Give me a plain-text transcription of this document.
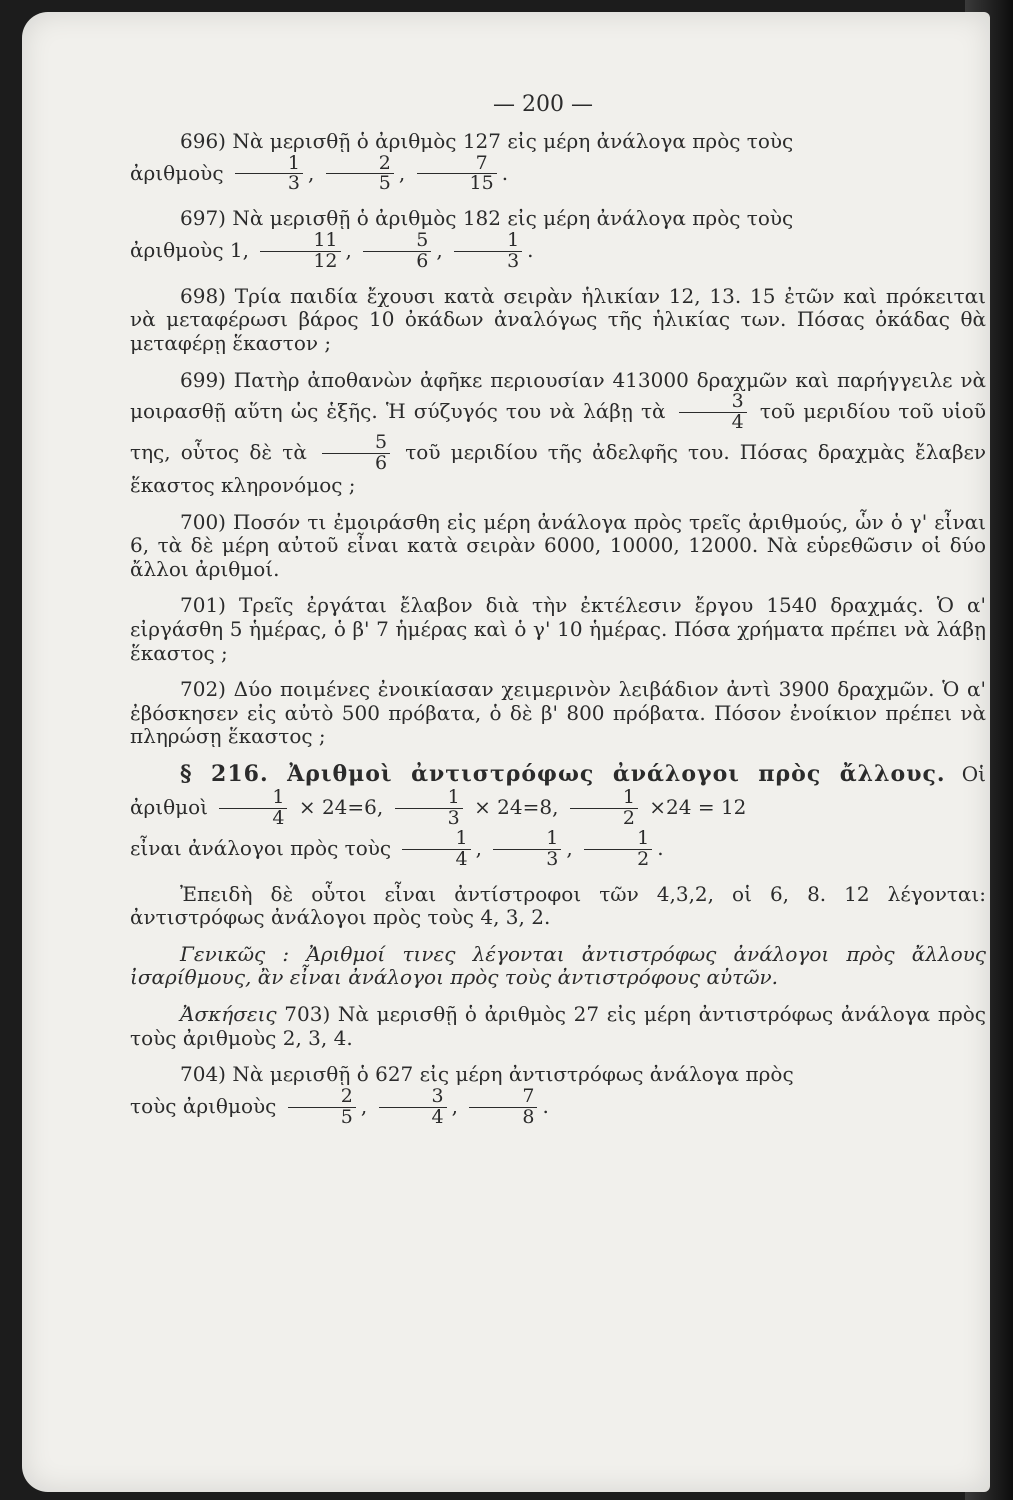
— 200 —
696) Νὰ μερισθῇ ὁ ἀριθμὸς 127 εἰς μέρη ἀνάλογα πρὸς τοὺς
ἀριθμοὺς $\frac{1}{3}$ , $\frac{2}{5}$ , $\frac{7}{15}$ .
697) Νὰ μερισθῇ ὁ ἀριθμὸς 182 εἰς μέρη ἀνάλογα πρὸς τοὺς
ἀριθμοὺς 1, $\frac{11}{12}$ , $\frac{5}{6}$ , $\frac{1}{3}$ .
698) Τρία παιδία ἔχουσι κατὰ σειρὰν ἡλικίαν 12, 13. 15 ἐτῶν καὶ πρόκειται νὰ μεταφέρωσι βάρος 10 ὀκάδων ἀναλόγως τῆς ἡλικίας των. Πόσας ὀκάδας θὰ μεταφέρῃ ἕκαστον ;
699) Πατὴρ ἀποθανὼν ἀφῆκε περιουσίαν 413000 δραχμῶν καὶ παρήγγειλε νὰ μοιρασθῇ αὕτη ὡς ἑξῆς. Ἡ σύζυγός του νὰ λάβῃ τὰ $\frac{3}{4}$ τοῦ μεριδίου τοῦ υἱοῦ της, οὗτος δὲ τὰ $\frac{5}{6}$ τοῦ μεριδίου τῆς ἀδελφῆς του. Πόσας δραχμὰς ἔλαβεν ἕκαστος κληρονόμος ;
700) Ποσόν τι ἐμοιράσθη εἰς μέρη ἀνάλογα πρὸς τρεῖς ἀριθμούς, ὧν ὁ γ' εἶναι 6, τὰ δὲ μέρη αὐτοῦ εἶναι κατὰ σειρὰν 6000, 10000, 12000. Νὰ εὑρεθῶσιν οἱ δύο ἄλλοι ἀριθμοί.
701) Τρεῖς ἐργάται ἔλαβον διὰ τὴν ἐκτέλεσιν ἔργου 1540 δραχμάς. Ὁ α' εἰργάσθη 5 ἡμέρας, ὁ β' 7 ἡμέρας καὶ ὁ γ' 10 ἡμέρας. Πόσα χρήματα πρέπει νὰ λάβῃ ἕκαστος ;
702) Δύο ποιμένες ἐνοικίασαν χειμερινὸν λειβάδιον ἀντὶ 3900 δραχμῶν. Ὁ α' ἐβόσκησεν εἰς αὐτὸ 500 πρόβατα, ὁ δὲ β' 800 πρόβατα. Πόσον ἐνοίκιον πρέπει νὰ πληρώσῃ ἕκαστος ;
§ 216. Ἀριθμοὶ ἀντιστρόφως ἀνάλογοι πρὸς ἄλλους. Οἱ ἀριθμοὶ $\frac{1}{4} \times 24=6$, $\frac{1}{3} \times 24=8$, $\frac{1}{2} \times 24 = 12$
εἶναι ἀνάλογοι πρὸς τοὺς $\frac{1}{4}$ , $\frac{1}{3}$ , $\frac{1}{2}$ .
Ἐπειδὴ δὲ οὗτοι εἶναι ἀντίστροφοι τῶν 4,3,2, οἱ 6, 8. 12 λέγονται: ἀντιστρόφως ἀνάλογοι πρὸς τοὺς 4, 3, 2.
Γενικῶς : Ἀριθμοί τινες λέγονται ἀντιστρόφως ἀνάλογοι πρὸς ἄλλους ἰσαρίθμους, ἂν εἶναι ἀνάλογοι πρὸς τοὺς ἀντιστρόφους αὐτῶν.
Ἀσκήσεις 703) Νὰ μερισθῇ ὁ ἀριθμὸς 27 εἰς μέρη ἀντιστρόφως ἀνάλογα πρὸς τοὺς ἀριθμοὺς 2, 3, 4.
704) Νὰ μερισθῇ ὁ 627 εἰς μέρη ἀντιστρόφως ἀνάλογα πρὸς
τοὺς ἀριθμοὺς $\frac{2}{5}$ , $\frac{3}{4}$ , $\frac{7}{8}$ .
